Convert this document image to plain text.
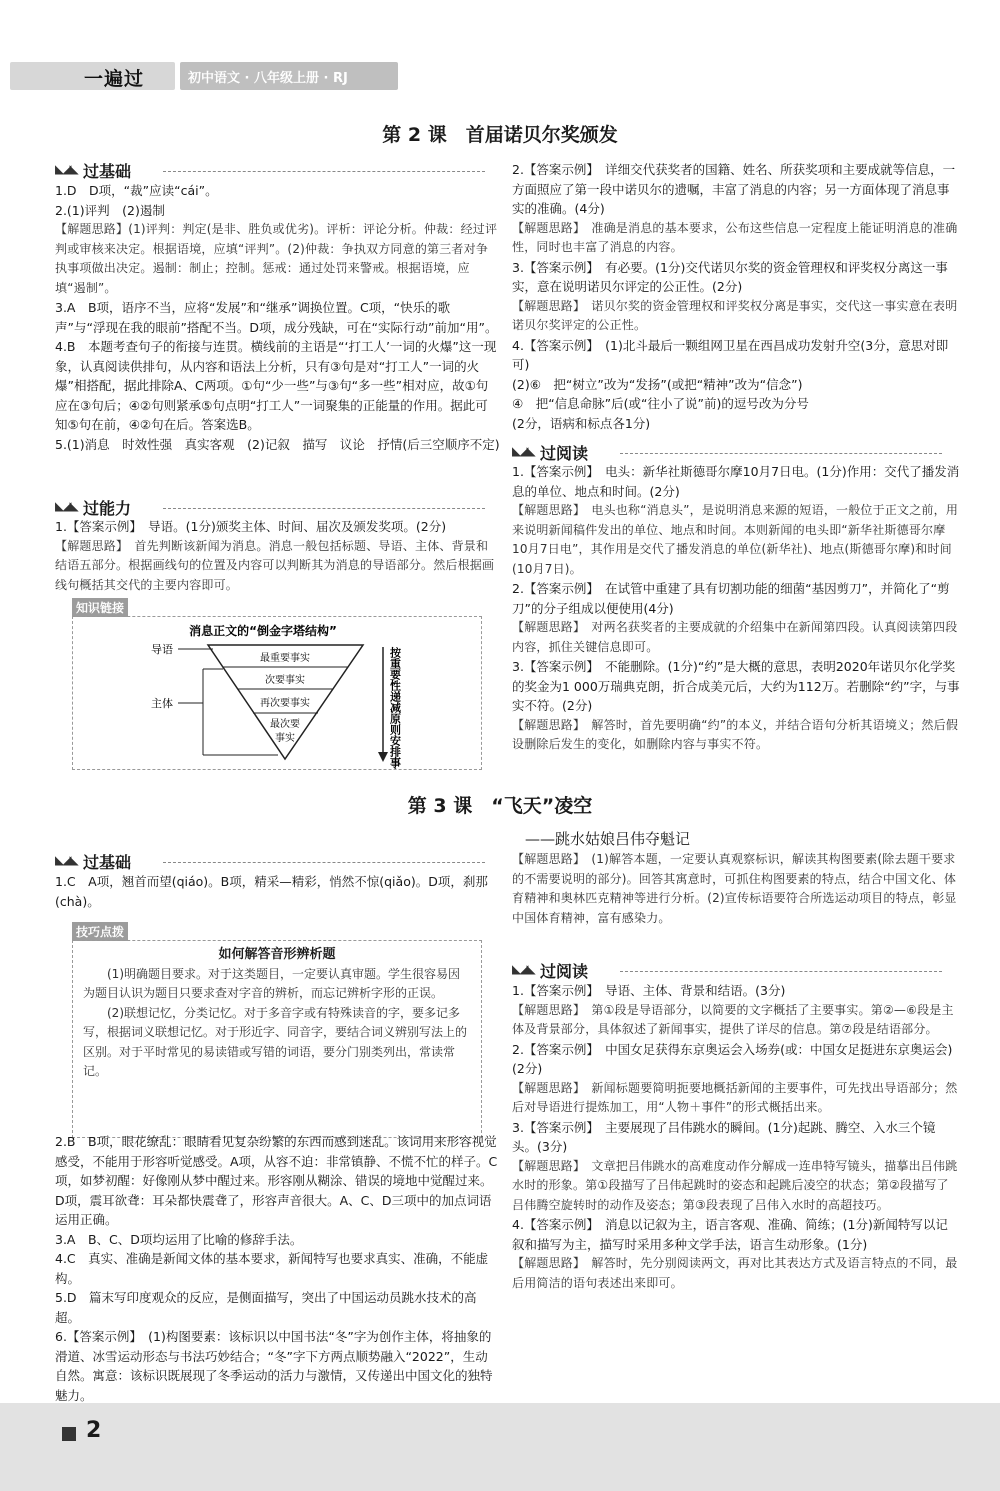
一遍过	初中语文 · 八年级上册 · RJ
第 2 课　首届诺贝尔奖颁发
◣◢◣ 过基础

1.D　D项，“裁”应读“cái”。

2.(1)评判　(2)遏制

【解题思路】(1)评判：判定(是非、胜负或优劣)。评析：评论分析。仲裁：经过评判或审核来决定。根据语境，应填“评判”。(2)仲裁：争执双方同意的第三者对争执事项做出决定。遏制：制止；控制。惩戒：通过处罚来警戒。根据语境，应填“遏制”。

3.A　B项，语序不当，应将“发展”和“继承”调换位置。C项，“快乐的歌声”与“浮现在我的眼前”搭配不当。D项，成分残缺，可在“实际行动”前加“用”。

4.B　本题考查句子的衔接与连贯。横线前的主语是“‘打工人’一词的火爆”这一现象，认真阅读供排句，从内容和语法上分析，只有③句是对“打工人”一词的火爆”相搭配，据此排除A、C两项。①句“少一些”与③句“多一些”相对应，故①句应在③句后；④②句则紧承⑤句点明“打工人”一词聚集的正能量的作用。据此可知⑤句在前，④②句在后。答案选B。

5.(1)消息　时效性强　真实客观　(2)记叙　描写　议论　抒情(后三空顺序不定)

◣◢◣ 过能力

1.【答案示例】　导语。(1分)颁奖主体、时间、届次及颁发奖项。(2分)

【解题思路】　首先判断该新闻为消息。消息一般包括标题、导语、主体、背景和结语五部分。根据画线句的位置及内容可以判断其为消息的导语部分。然后根据画线句概括其交代的主要内容即可。

知识链接
消息正文的“倒金字塔结构”
最重要事实
次要事实
再次要事实
最次要
事实
导语
主体	按重要性递减原则安排事实

2.【答案示例】　详细交代获奖者的国籍、姓名、所获奖项和主要成就等信息，一方面照应了第一段中诺贝尔的遗嘱，丰富了消息的内容；另一方面体现了消息事实的准确。(4分)

【解题思路】　准确是消息的基本要求，公布这些信息一定程度上能证明消息的准确性，同时也丰富了消息的内容。

3.【答案示例】　有必要。(1分)交代诺贝尔奖的资金管理权和评奖权分离这一事实，意在说明诺贝尔评定的公正性。(2分)

【解题思路】　诺贝尔奖的资金管理权和评奖权分离是事实，交代这一事实意在表明诺贝尔奖评定的公正性。

4.【答案示例】　(1)北斗最后一颗组网卫星在西昌成功发射升空(3分，意思对即可)

(2)⑥　把“树立”改为“发扬”(或把“精神”改为“信念”)

④　把“信息命脉”后(或“往小了说”前)的逗号改为分号

(2分，语病和标点各1分)

◣◢◣ 过阅读

1.【答案示例】　电头：新华社斯德哥尔摩10月7日电。(1分)作用：交代了播发消息的单位、地点和时间。(2分)

【解题思路】　电头也称“消息头”，是说明消息来源的短语，一般位于正文之前，用来说明新闻稿件发出的单位、地点和时间。本则新闻的电头即“新华社斯德哥尔摩10月7日电”，其作用是交代了播发消息的单位(新华社)、地点(斯德哥尔摩)和时间(10月7日)。

2.【答案示例】　在试管中重建了具有切割功能的细菌“基因剪刀”，并简化了“剪刀”的分子组成以便使用(4分)

【解题思路】　对两名获奖者的主要成就的介绍集中在新闻第四段。认真阅读第四段内容，抓住关键信息即可。

3.【答案示例】　不能删除。(1分)“约”是大概的意思，表明2020年诺贝尔化学奖的奖金为1 000万瑞典克朗，折合成美元后，大约为112万。若删除“约”字，与事实不符。(2分)

【解题思路】　解答时，首先要明确“约”的本义，并结合语句分析其语境义；然后假设删除后发生的变化，如删除内容与事实不符。

第 3 课　“飞天”凌空
——跳水姑娘吕伟夺魁记
◣◢◣ 过基础

1.C　A项，翘首而望(qiáo)。B项，精采—精彩，悄然不惊(qiǎo)。D项，刹那(chà)。

技巧点拨
如何解答音形辨析题

(1)明确题目要求。对于这类题目，一定要认真审题。学生很容易因为题目认识为题目只要求查对字音的辨析，而忘记辨析字形的正误。

(2)联想记忆，分类记忆。对于多音字或有特殊读音的字，要多记多写，根据词义联想记忆。对于形近字、同音字，要结合词义辨别写法上的区别。对于平时常见的易读错或写错的词语，要分门别类列出，常读常记。

2.B　B项，眼花缭乱：眼睛看见复杂纷繁的东西而感到迷乱。该词用来形容视觉感受，不能用于形容听觉感受。A项，从容不迫：非常镇静、不慌不忙的样子。C项，如梦初醒：好像刚从梦中醒过来。形容刚从糊涂、错误的境地中觉醒过来。D项，震耳欲聋：耳朵都快震聋了，形容声音很大。A、C、D三项中的加点词语运用正确。

3.A　B、C、D项均运用了比喻的修辞手法。

4.C　真实、准确是新闻文体的基本要求，新闻特写也要求真实、准确，不能虚构。

5.D　篇末写印度观众的反应，是侧面描写，突出了中国运动员跳水技术的高超。

6.【答案示例】　(1)构图要素：该标识以中国书法“冬”字为创作主体，将抽象的滑道、冰雪运动形态与书法巧妙结合；“冬”字下方两点顺势融入“2022”，生动自然。寓意：该标识既展现了冬季运动的活力与激情，又传递出中国文化的独特魅力。

【解题思路】　(1)解答本题，一定要认真观察标识，解读其构图要素(除去题干要求的不需要说明的部分)。回答其寓意时，可抓住构图要素的特点，结合中国文化、体育精神和奥林匹克精神等进行分析。(2)宣传标语要符合所选运动项目的特点，彰显中国体育精神，富有感染力。

◣◢◣ 过阅读

1.【答案示例】　导语、主体、背景和结语。(3分)

【解题思路】　第①段是导语部分，以简要的文字概括了主要事实。第②—⑥段是主体及背景部分，具体叙述了新闻事实，提供了详尽的信息。第⑦段是结语部分。

2.【答案示例】　中国女足获得东京奥运会入场券(或：中国女足挺进东京奥运会)(2分)

【解题思路】　新闻标题要简明扼要地概括新闻的主要事件，可先找出导语部分；然后对导语进行提炼加工，用“人物＋事件”的形式概括出来。

3.【答案示例】　主要展现了吕伟跳水的瞬间。(1分)起跳、腾空、入水三个镜头。(3分)

【解题思路】　文章把吕伟跳水的高难度动作分解成一连串特写镜头，描摹出吕伟跳水时的形象。第①段描写了吕伟起跳时的姿态和起跳后凌空的状态；第②段描写了吕伟腾空旋转时的动作及姿态；第③段表现了吕伟入水时的高超技巧。

4.【答案示例】　消息以记叙为主，语言客观、准确、简练；(1分)新闻特写以记叙和描写为主，描写时采用多种文学手法，语言生动形象。(1分)

【解题思路】　解答时，先分别阅读两文，再对比其表达方式及语言特点的不同，最后用简洁的语句表述出来即可。

2
